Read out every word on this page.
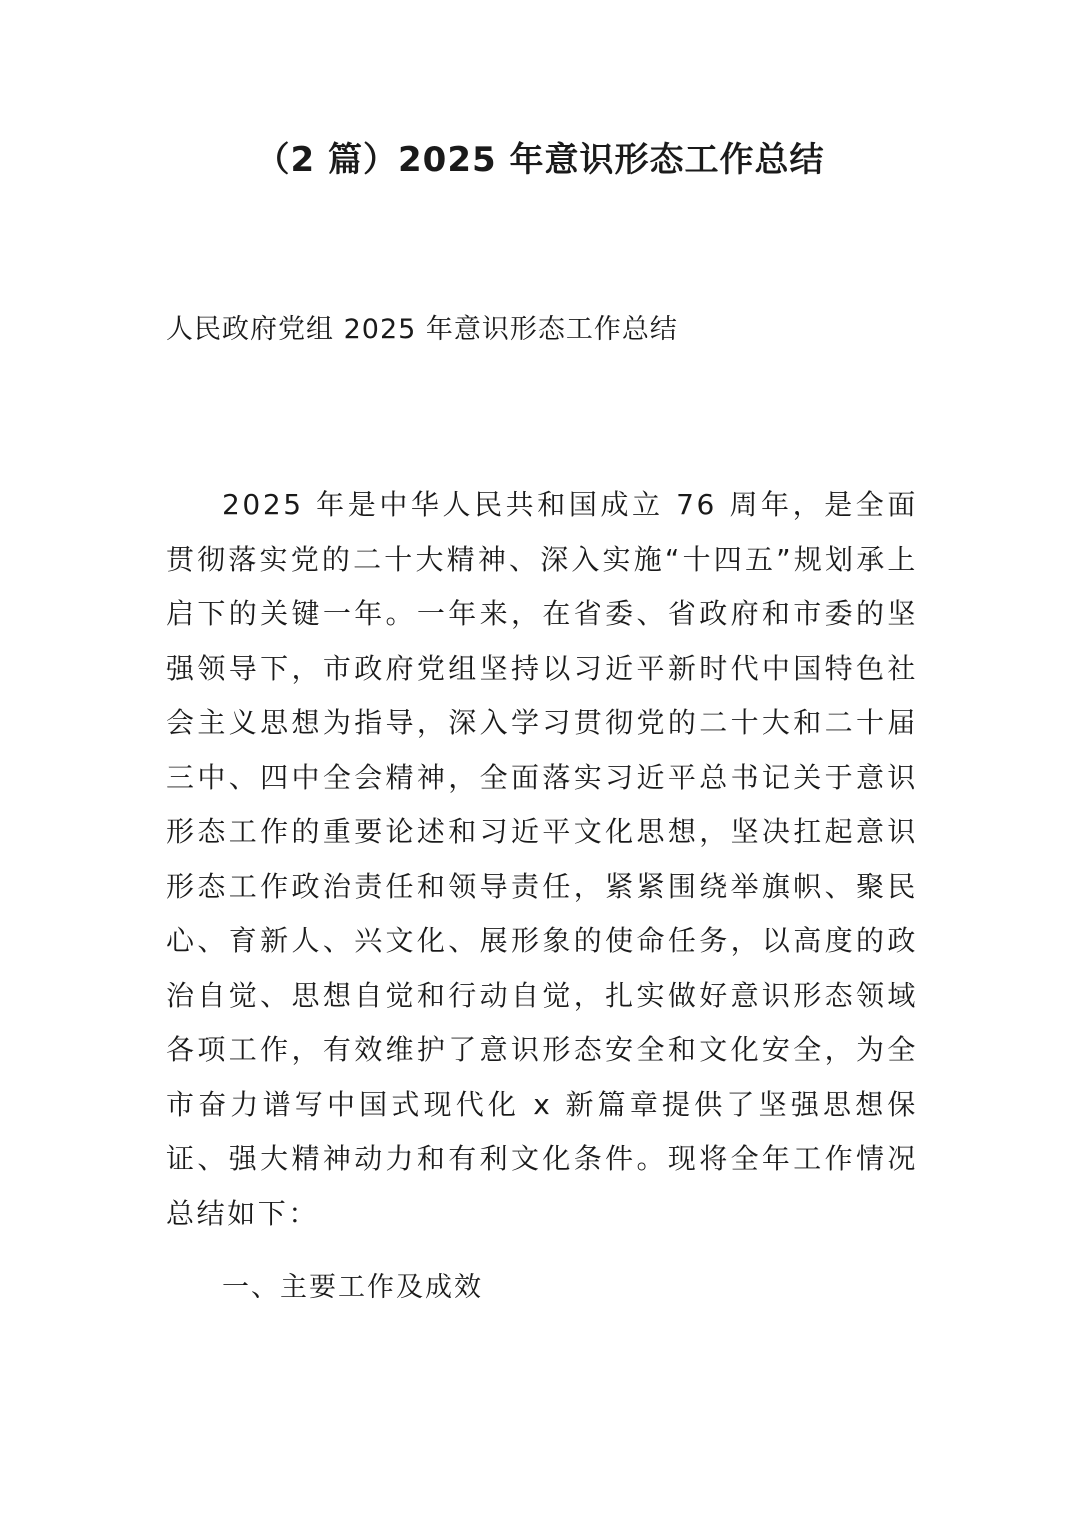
（2 篇）2025 年意识形态工作总结

人民政府党组 2025 年意识形态工作总结

2025 年是中华人民共和国成立 76 周年，是全面贯彻落实党的二十大精神、深入实施“十四五”规划承上启下的关键一年。一年来，在省委、省政府和市委的坚强领导下，市政府党组坚持以习近平新时代中国特色社会主义思想为指导，深入学习贯彻党的二十大和二十届三中、四中全会精神，全面落实习近平总书记关于意识形态工作的重要论述和习近平文化思想，坚决扛起意识形态工作政治责任和领导责任，紧紧围绕举旗帜、聚民心、育新人、兴文化、展形象的使命任务，以高度的政治自觉、思想自觉和行动自觉，扎实做好意识形态领域各项工作，有效维护了意识形态安全和文化安全，为全市奋力谱写中国式现代化 x 新篇章提供了坚强思想保证、强大精神动力和有利文化条件。现将全年工作情况总结如下：

一、主要工作及成效
